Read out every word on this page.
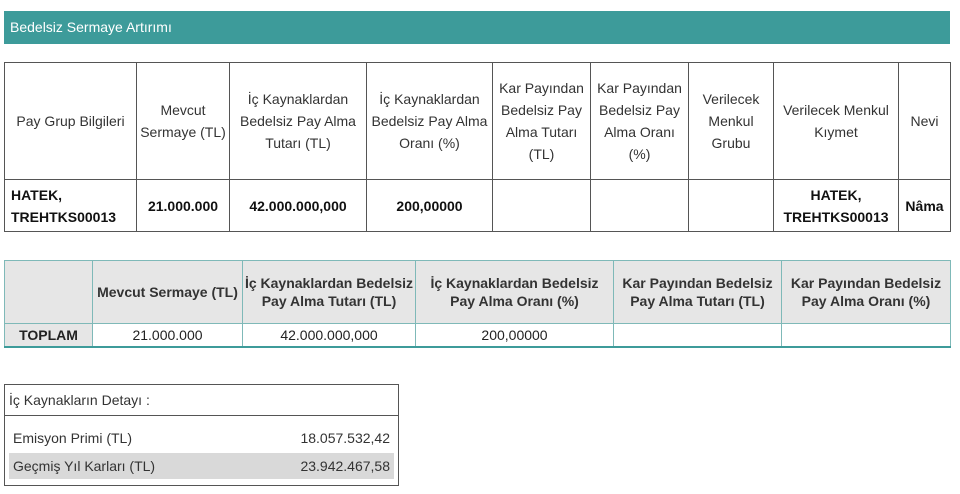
Bedelsiz Sermaye Artırımı
Pay Grup Bilgileri	Mevcut Sermaye (TL)	İç Kaynaklardan Bedelsiz Pay Alma Tutarı (TL)	İç Kaynaklardan Bedelsiz Pay Alma Oranı (%)	Kar Payından Bedelsiz Pay Alma Tutarı (TL)	Kar Payından Bedelsiz Pay Alma Oranı (%)	Verilecek Menkul Grubu	Verilecek Menkul Kıymet	Nevi
HATEK, TREHTKS00013	21.000.000	42.000.000,000	200,00000				HATEK, TREHTKS00013	Nâma
	Mevcut Sermaye (TL)	İç Kaynaklardan Bedelsiz Pay Alma Tutarı (TL)	İç Kaynaklardan Bedelsiz Pay Alma Oranı (%)	Kar Payından Bedelsiz Pay Alma Tutarı (TL)	Kar Payından Bedelsiz Pay Alma Oranı (%)
TOPLAM	21.000.000	42.000.000,000	200,00000		
İç Kaynakların Detayı :
Emisyon Primi (TL)	18.057.532,42
Geçmiş Yıl Karları (TL)	23.942.467,58
